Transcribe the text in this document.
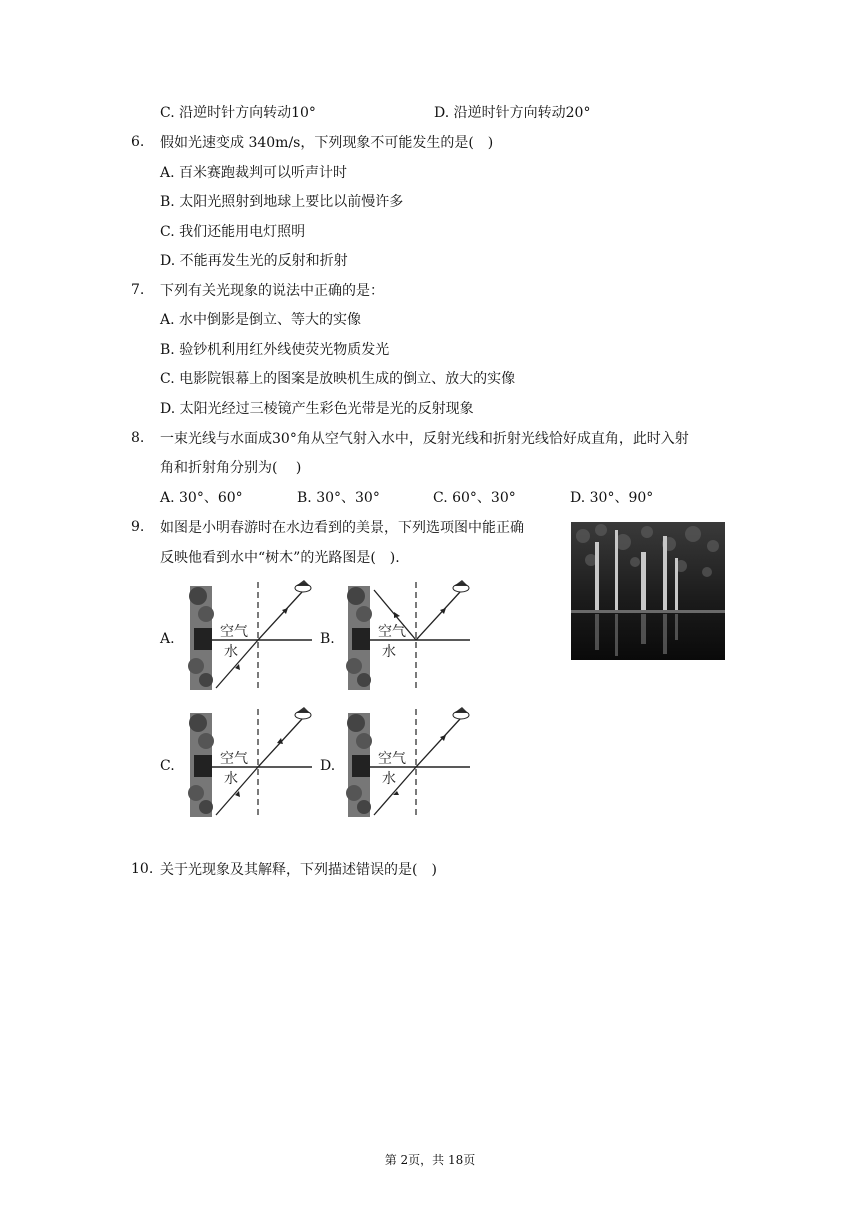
C. 沿逆时针方向转动10°	D. 沿逆时针方向转动20°
6. 假如光速变成 340m/s，下列现象不可能发生的是(　)
A. 百米赛跑裁判可以听声计时
B. 太阳光照射到地球上要比以前慢许多
C. 我们还能用电灯照明
D. 不能再发生光的反射和折射
7. 下列有关光现象的说法中正确的是：
A. 水中倒影是倒立、等大的实像
B. 验钞机利用红外线使荧光物质发光
C. 电影院银幕上的图案是放映机生成的倒立、放大的实像
D. 太阳光经过三棱镜产生彩色光带是光的反射现象
8. 一束光线与水面成30°角从空气射入水中，反射光线和折射光线恰好成直角，此时入射
角和折射角分别为(　 )
A. 30°、60°	B. 30°、30°	C. 60°、30°	D. 30°、90°
9. 如图是小明春游时在水边看到的美景，下列选项图中能正确
反映他看到水中“树木”的光路图是(　).
A.	空气
水
B.	空气
水
C.	空气
水
D.	空气
水
10. 关于光现象及其解释，下列描述错误的是(　)
第 2页，共 18页
